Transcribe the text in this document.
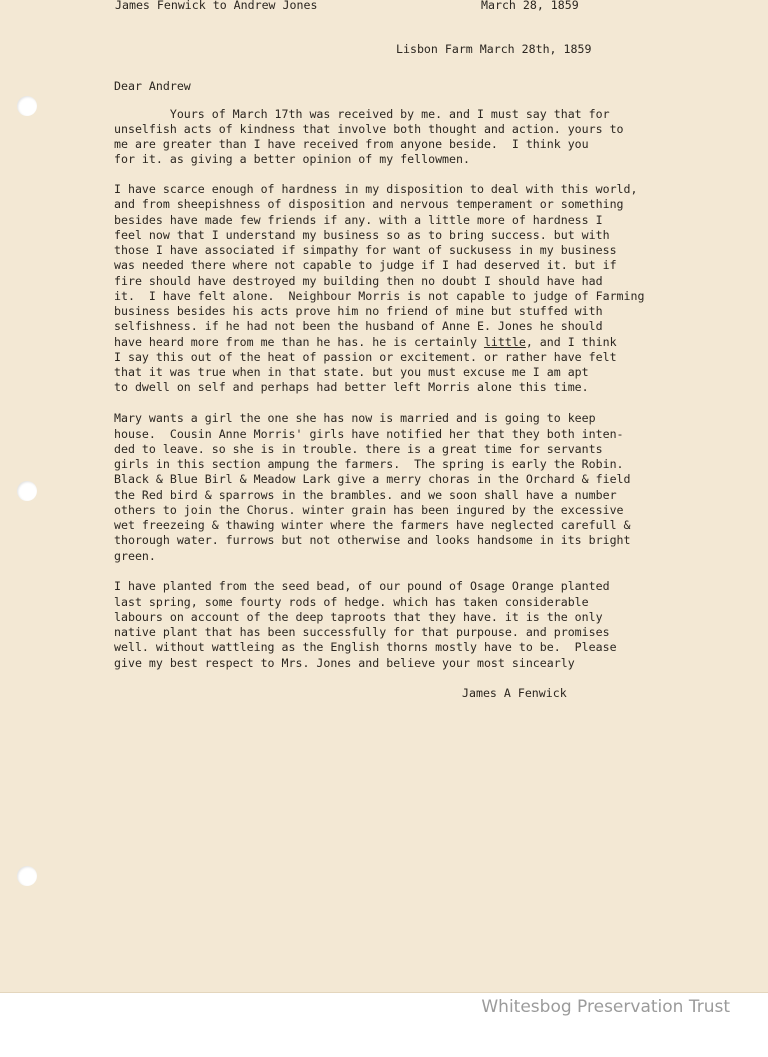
James Fenwick to Andrew Jones	March 28, 1859
Lisbon Farm March 28th, 1859
Dear Andrew
Yours of March 17th was received by me. and I must say that for
unselfish acts of kindness that involve both thought and action. yours to
me are greater than I have received from anyone beside.  I think you
for it. as giving a better opinion of my fellowmen.
I have scarce enough of hardness in my disposition to deal with this world,
and from sheepishness of disposition and nervous temperament or something
besides have made few friends if any. with a little more of hardness I
feel now that I understand my business so as to bring success. but with
those I have associated if simpathy for want of suckusess in my business
was needed there where not capable to judge if I had deserved it. but if
fire should have destroyed my building then no doubt I should have had
it.  I have felt alone.  Neighbour Morris is not capable to judge of Farming
business besides his acts prove him no friend of mine but stuffed with
selfishness. if he had not been the husband of Anne E. Jones he should
have heard more from me than he has. he is certainly little, and I think
I say this out of the heat of passion or excitement. or rather have felt
that it was true when in that state. but you must excuse me I am apt
to dwell on self and perhaps had better left Morris alone this time.
Mary wants a girl the one she has now is married and is going to keep
house.  Cousin Anne Morris' girls have notified her that they both inten-
ded to leave. so she is in trouble. there is a great time for servants
girls in this section ampung the farmers.  The spring is early the Robin.
Black & Blue Birl & Meadow Lark give a merry choras in the Orchard & field
the Red bird & sparrows in the brambles. and we soon shall have a number
others to join the Chorus. winter grain has been ingured by the excessive
wet freezeing & thawing winter where the farmers have neglected carefull &
thorough water. furrows but not otherwise and looks handsome in its bright
green.
I have planted from the seed bead, of our pound of Osage Orange planted
last spring, some fourty rods of hedge. which has taken considerable
labours on account of the deep taproots that they have. it is the only
native plant that has been successfully for that purpouse. and promises
well. without wattleing as the English thorns mostly have to be.  Please
give my best respect to Mrs. Jones and believe your most sincearly
James A Fenwick
Whitesbog Preservation Trust
